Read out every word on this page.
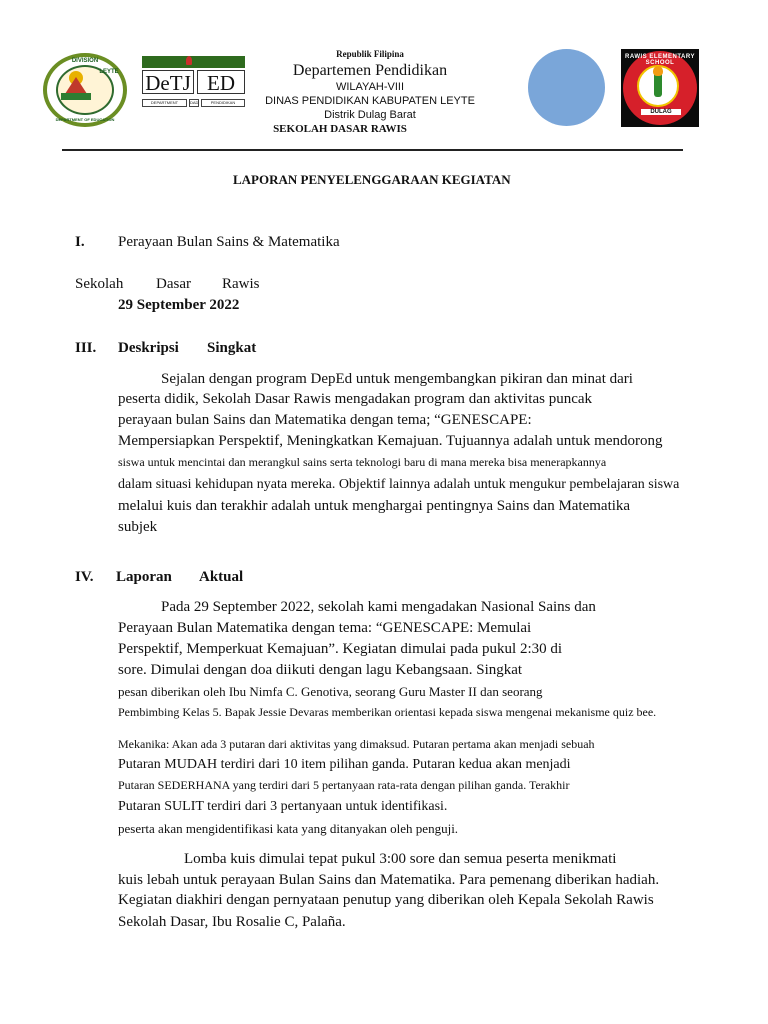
DIVISION
LEYTE
DEPARTMENT OF EDUCATION
DeTJ ED
DEPARTMENT	DAD	PENDIDIKAN
Republik Filipina
Departemen Pendidikan
WILAYAH-VIII
DINAS PENDIDIKAN KABUPATEN LEYTE
Distrik Dulag Barat
SEKOLAH DASAR RAWIS
RAWIS ELEMENTARY SCHOOL
DULAG
LAPORAN PENYELENGGARAAN KEGIATAN
I. Perayaan Bulan Sains & Matematika
Sekolah Dasar Rawis
29 September 2022
III. Deskripsi Singkat
Sejalan dengan program DepEd untuk mengembangkan pikiran dan minat dari
peserta didik, Sekolah Dasar Rawis mengadakan program dan aktivitas puncak
perayaan bulan Sains dan Matematika dengan tema; “GENESCAPE:
Mempersiapkan Perspektif, Meningkatkan Kemajuan. Tujuannya adalah untuk mendorong
siswa untuk mencintai dan merangkul sains serta teknologi baru di mana mereka bisa menerapkannya
dalam situasi kehidupan nyata mereka. Objektif lainnya adalah untuk mengukur pembelajaran siswa
melalui kuis dan terakhir adalah untuk menghargai pentingnya Sains dan Matematika
subjek
IV. Laporan Aktual
Pada 29 September 2022, sekolah kami mengadakan Nasional Sains dan
Perayaan Bulan Matematika dengan tema: “GENESCAPE: Memulai
Perspektif, Memperkuat Kemajuan”. Kegiatan dimulai pada pukul 2:30 di
sore. Dimulai dengan doa diikuti dengan lagu Kebangsaan. Singkat
pesan diberikan oleh Ibu Nimfa C. Genotiva, seorang Guru Master II dan seorang
Pembimbing Kelas 5. Bapak Jessie Devaras memberikan orientasi kepada siswa mengenai mekanisme quiz bee.
Mekanika: Akan ada 3 putaran dari aktivitas yang dimaksud. Putaran pertama akan menjadi sebuah
Putaran MUDAH terdiri dari 10 item pilihan ganda. Putaran kedua akan menjadi
Putaran SEDERHANA yang terdiri dari 5 pertanyaan rata-rata dengan pilihan ganda. Terakhir
Putaran SULIT terdiri dari 3 pertanyaan untuk identifikasi.
peserta akan mengidentifikasi kata yang ditanyakan oleh penguji.
Lomba kuis dimulai tepat pukul 3:00 sore dan semua peserta menikmati
kuis lebah untuk perayaan Bulan Sains dan Matematika. Para pemenang diberikan hadiah.
Kegiatan diakhiri dengan pernyataan penutup yang diberikan oleh Kepala Sekolah Rawis
Sekolah Dasar, Ibu Rosalie C, Palaña.
